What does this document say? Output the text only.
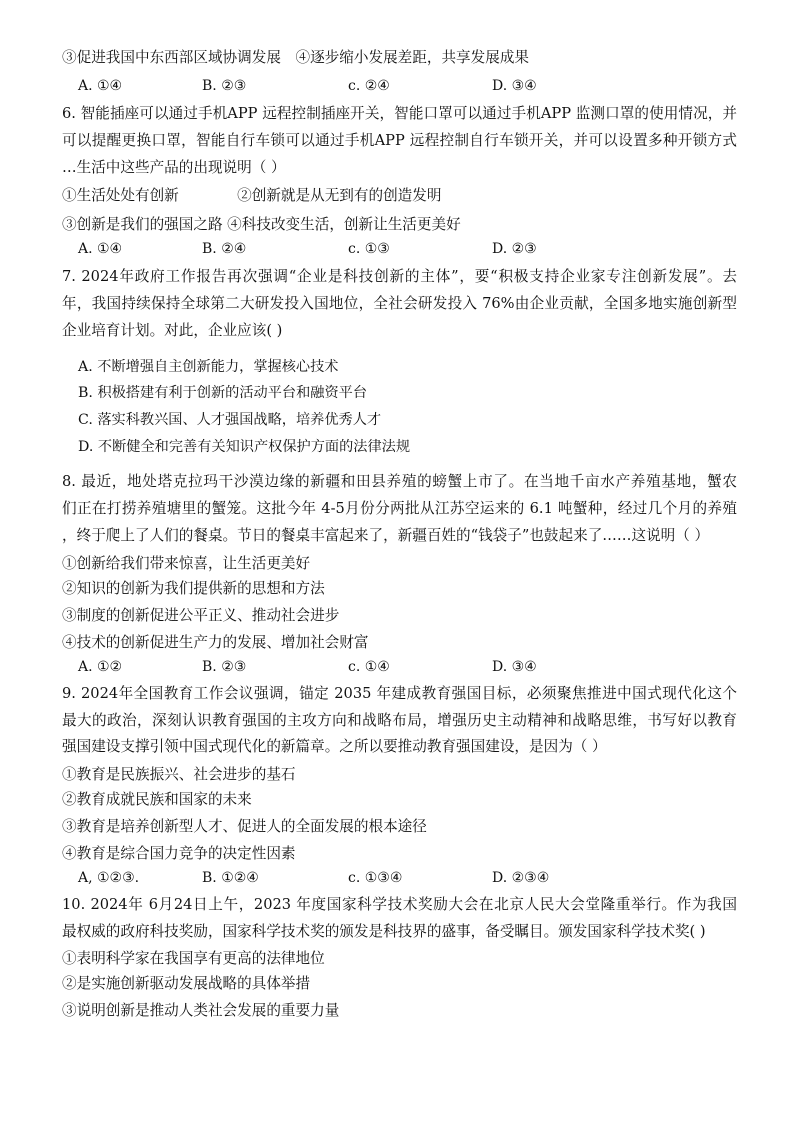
③促进我国中东西部区域协调发展　④逐步缩小发展差距，共享发展成果
A. ①④	B. ②③	c. ②④	D. ③④
6. 智能插座可以通过手机APP 远程控制插座开关，智能口罩可以通过手机APP 监测口罩的使用情况，并
可以提醒更换口罩，智能自行车锁可以通过手机APP 远程控制自行车锁开关，并可以设置多种开锁方式
…生活中这些产品的出现说明（ ）
①生活处处有创新　　　　②创新就是从无到有的创造发明
③创新是我们的强国之路 ④科技改变生活，创新让生活更美好
A. ①④	B. ②④	c. ①③	D. ②③
7. 2024年政府工作报告再次强调“企业是科技创新的主体”，要“积极支持企业家专注创新发展”。去
年，我国持续保持全球第二大研发投入国地位，全社会研发投入 76%由企业贡献，全国多地实施创新型
企业培育计划。对此，企业应该( )
A. 不断增强自主创新能力，掌握核心技术
B. 积极搭建有利于创新的活动平台和融资平台
C. 落实科教兴国、人才强国战略，培养优秀人才
D. 不断健全和完善有关知识产权保护方面的法律法规
8. 最近，地处塔克拉玛干沙漠边缘的新疆和田县养殖的螃蟹上市了。在当地千亩水产养殖基地，蟹农
们正在打捞养殖塘里的蟹笼。这批今年 4-5月份分两批从江苏空运来的 6.1 吨蟹种，经过几个月的养殖
，终于爬上了人们的餐桌。节日的餐桌丰富起来了，新疆百姓的“钱袋子”也鼓起来了……这说明（ ）
①创新给我们带来惊喜，让生活更美好
②知识的创新为我们提供新的思想和方法
③制度的创新促进公平正义、推动社会进步
④技术的创新促进生产力的发展、增加社会财富
A. ①②	B. ②③	c. ①④	D. ③④
9. 2024年全国教育工作会议强调，锚定 2035 年建成教育强国目标，必须聚焦推进中国式现代化这个
最大的政治，深刻认识教育强国的主攻方向和战略布局，增强历史主动精神和战略思维，书写好以教育
强国建设支撑引领中国式现代化的新篇章。之所以要推动教育强国建设，是因为（ ）
①教育是民族振兴、社会进步的基石
②教育成就民族和国家的未来
③教育是培养创新型人才、促进人的全面发展的根本途径
④教育是综合国力竞争的决定性因素
A, ①②③.	B. ①②④	c. ①③④	D. ②③④
10. 2024年 6月24日上午，2023 年度国家科学技术奖励大会在北京人民大会堂隆重举行。作为我国
最权威的政府科技奖励，国家科学技术奖的颁发是科技界的盛事，备受瞩目。颁发国家科学技术奖( )
①表明科学家在我国享有更高的法律地位
②是实施创新驱动发展战略的具体举措
③说明创新是推动人类社会发展的重要力量
